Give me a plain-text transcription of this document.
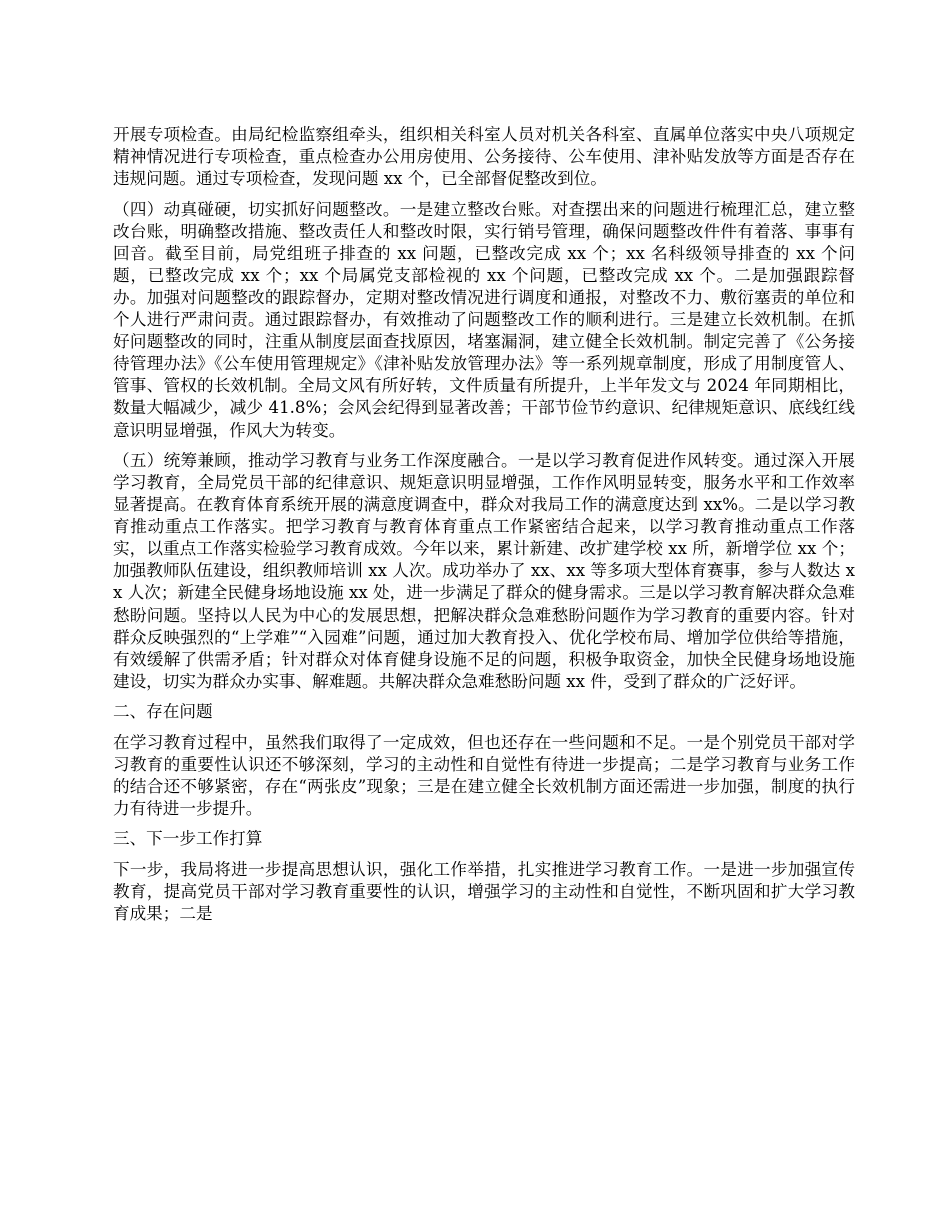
开展专项检查。由局纪检监察组牵头，组织相关科室人员对机关各科室、直属单位落实中央八项规定精神情况进行专项检查，重点检查办公用房使用、公务接待、公车使用、津补贴发放等方面是否存在违规问题。通过专项检查，发现问题 xx 个，已全部督促整改到位。

（四）动真碰硬，切实抓好问题整改。一是建立整改台账。对查摆出来的问题进行梳理汇总，建立整改台账，明确整改措施、整改责任人和整改时限，实行销号管理，确保问题整改件件有着落、事事有回音。截至目前，局党组班子排查的 xx 问题，已整改完成 xx 个；xx 名科级领导排查的 xx 个问题，已整改完成 xx 个；xx 个局属党支部检视的 xx 个问题，已整改完成 xx 个。二是加强跟踪督办。加强对问题整改的跟踪督办，定期对整改情况进行调度和通报，对整改不力、敷衍塞责的单位和个人进行严肃问责。通过跟踪督办，有效推动了问题整改工作的顺利进行。三是建立长效机制。在抓好问题整改的同时，注重从制度层面查找原因，堵塞漏洞，建立健全长效机制。制定完善了《公务接待管理办法》《公车使用管理规定》《津补贴发放管理办法》等一系列规章制度，形成了用制度管人、管事、管权的长效机制。全局文风有所好转，文件质量有所提升，上半年发文与 2024 年同期相比，数量大幅减少，减少 41.8%；会风会纪得到显著改善；干部节俭节约意识、纪律规矩意识、底线红线意识明显增强，作风大为转变。

（五）统筹兼顾，推动学习教育与业务工作深度融合。一是以学习教育促进作风转变。通过深入开展学习教育，全局党员干部的纪律意识、规矩意识明显增强，工作作风明显转变，服务水平和工作效率显著提高。在教育体育系统开展的满意度调查中，群众对我局工作的满意度达到 xx%。二是以学习教育推动重点工作落实。把学习教育与教育体育重点工作紧密结合起来，以学习教育推动重点工作落实，以重点工作落实检验学习教育成效。今年以来，累计新建、改扩建学校 xx 所，新增学位 xx 个；加强教师队伍建设，组织教师培训 xx 人次。成功举办了 xx、xx 等多项大型体育赛事，参与人数达 xx 人次；新建全民健身场地设施 xx 处，进一步满足了群众的健身需求。三是以学习教育解决群众急难愁盼问题。坚持以人民为中心的发展思想，把解决群众急难愁盼问题作为学习教育的重要内容。针对群众反映强烈的“上学难”“入园难”问题，通过加大教育投入、优化学校布局、增加学位供给等措施，有效缓解了供需矛盾；针对群众对体育健身设施不足的问题，积极争取资金，加快全民健身场地设施建设，切实为群众办实事、解难题。共解决群众急难愁盼问题 xx 件，受到了群众的广泛好评。

二、存在问题

在学习教育过程中，虽然我们取得了一定成效，但也还存在一些问题和不足。一是个别党员干部对学习教育的重要性认识还不够深刻，学习的主动性和自觉性有待进一步提高；二是学习教育与业务工作的结合还不够紧密，存在“两张皮”现象；三是在建立健全长效机制方面还需进一步加强，制度的执行力有待进一步提升。

三、下一步工作打算

下一步，我局将进一步提高思想认识，强化工作举措，扎实推进学习教育工作。一是进一步加强宣传教育，提高党员干部对学习教育重要性的认识，增强学习的主动性和自觉性，不断巩固和扩大学习教育成果；二是
